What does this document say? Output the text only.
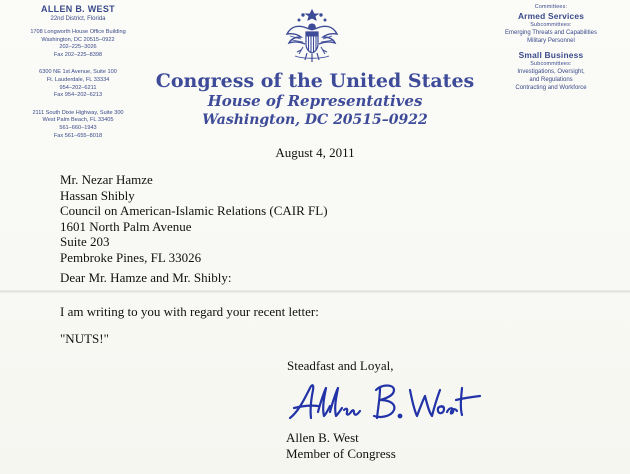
ALLEN B. WEST
22nd District, Florida
1708 Longworth House Office Building
Washington, DC 20515–0922
202–225–3026
Fax 202–225–8398
6300 NE 1st Avenue, Suite 100
Ft. Lauderdale, FL 33334
954–202–6211
Fax 954–202–6213
2111 South Dixie Highway, Suite 300
West Palm Beach, FL 33405
561–660–1943
Fax 561–655–8018
Committees:
Armed Services
Subcommittees:
Emerging Threats and Capabilities
Military Personnel
Small Business
Subcommittees:
Investigations, Oversight,
and Regulations
Contracting and Workforce
Congress of the United States
House of Representatives
Washington, DC 20515–0922
August 4, 2011
Mr. Nezar Hamze
Hassan Shibly
Council on American-Islamic Relations (CAIR FL)
1601 North Palm Avenue
Suite 203
Pembroke Pines, FL 33026
Dear Mr. Hamze and Mr. Shibly:
I am writing to you with regard your recent letter:
"NUTS!"
Steadfast and Loyal,
Allen B. West
Member of Congress
